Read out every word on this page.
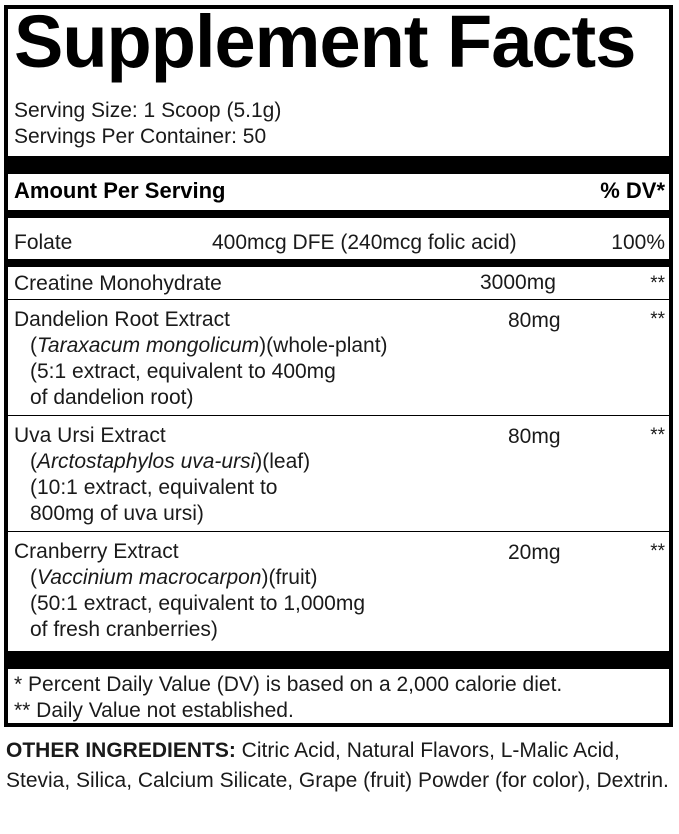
Supplement Facts
Serving Size: 1 Scoop (5.1g)
Servings Per Container: 50
Amount Per Serving	% DV*
Folate	400mcg DFE (240mcg folic acid)	100%
Creatine Monohydrate	3000mg	**
Dandelion Root Extract
(Taraxacum mongolicum)(whole-plant)
(5:1 extract, equivalent to 400mg
of dandelion root)
80mg	**
Uva Ursi Extract
(Arctostaphylos uva-ursi)(leaf)
(10:1 extract, equivalent to
800mg of uva ursi)
80mg	**
Cranberry Extract
(Vaccinium macrocarpon)(fruit)
(50:1 extract, equivalent to 1,000mg
of fresh cranberries)
20mg	**
* Percent Daily Value (DV) is based on a 2,000 calorie diet.
** Daily Value not established.
OTHER INGREDIENTS: Citric Acid, Natural Flavors, L-Malic Acid, Stevia, Silica, Calcium Silicate, Grape (fruit) Powder (for color), Dextrin.
